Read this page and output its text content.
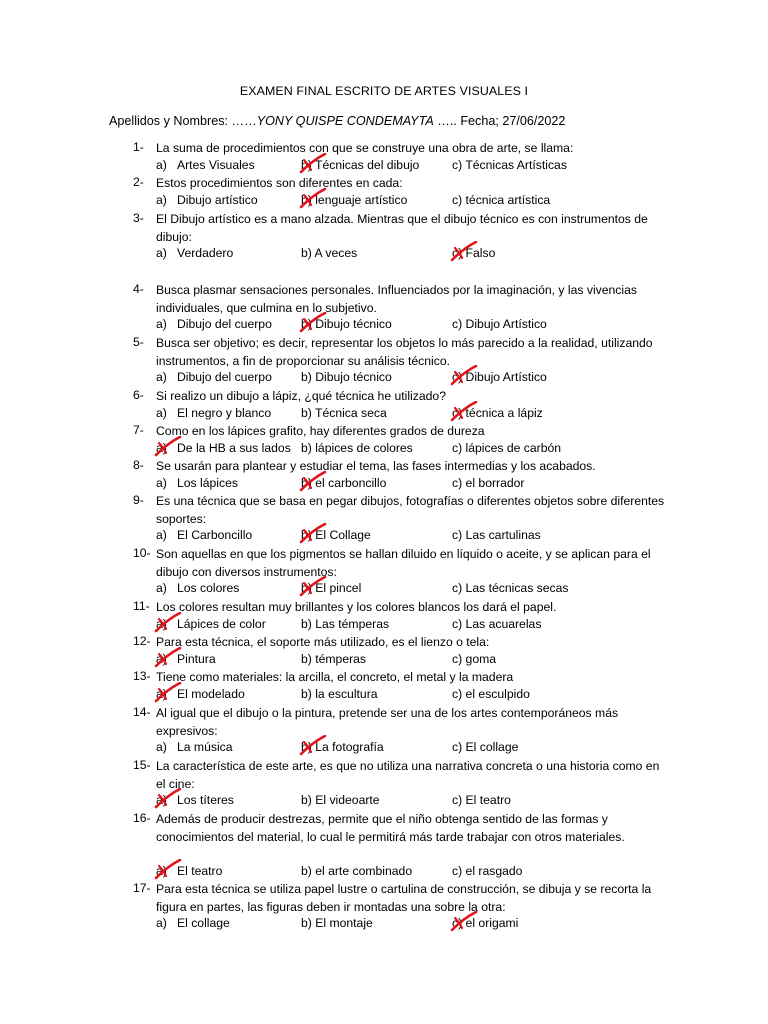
EXAMEN FINAL ESCRITO DE ARTES VISUALES I
Apellidos y Nombres: ……YONY QUISPE CONDEMAYTA ….. Fecha; 27/06/2022
1- La suma de procedimientos con que se construye una obra de arte, se llama:
a)   Artes Visuales	b) Técnicas del dibujo	c) Técnicas Artísticas
2- Estos procedimientos son diferentes en cada:
a)   Dibujo artístico	b) lenguaje artístico	c) técnica artística
3- El Dibujo artístico es a mano alzada. Mientras que el dibujo técnico es con instrumentos de dibujo:
a)   Verdadero	b) A veces	c) Falso
4- Busca plasmar sensaciones personales. Influenciados por la imaginación, y las vivencias individuales, que culmina en lo subjetivo.
a)   Dibujo del cuerpo b) Dibujo técnico	c) Dibujo Artístico
5- Busca ser objetivo; es decir, representar los objetos lo más parecido a la realidad, utilizando instrumentos, a fin de proporcionar su análisis técnico.
a)   Dibujo del cuerpo b) Dibujo técnico	c) Dibujo Artístico
6- Si realizo un dibujo a lápiz, ¿qué técnica he utilizado?
a)   El negro y blanco b) Técnica seca	c) técnica a lápiz
7- Como en los lápices grafito, hay diferentes grados de dureza
a)   De la HB a sus lados b) lápices de colores	c) lápices de carbón
8- Se usarán para plantear y estudiar el tema, las fases intermedias y los acabados.
a)   Los lápices	b) el carboncillo	c) el borrador
9- Es una técnica que se basa en pegar dibujos, fotografías o diferentes objetos sobre diferentes soportes:
a)   El Carboncillo	b) El Collage	c) Las cartulinas
10- Son aquellas en que los pigmentos se hallan diluido en líquido o aceite, y se aplican para el dibujo con diversos instrumentos:
a)   Los colores	b) El pincel	c) Las técnicas secas
11- Los colores resultan muy brillantes y los colores blancos los dará el papel.
a)   Lápices de color	b) Las témperas	c) Las acuarelas
12- Para esta técnica, el soporte más utilizado, es el lienzo o tela:
a)   Pintura	b) témperas	c) goma
13- Tiene como materiales: la arcilla, el concreto, el metal y la madera
a)   El modelado	b) la escultura	c) el esculpido
14- Al igual que el dibujo o la pintura, pretende ser una de los artes contemporáneos más expresivos:
a)   La música	b) La fotografía	c) El collage
15- La característica de este arte, es que no utiliza una narrativa concreta o una historia como en el cine:
a)   Los títeres	b) El videoarte	c) El teatro
16- Además de producir destrezas, permite que el niño obtenga sentido de las formas y conocimientos del material, lo cual le permitirá más tarde trabajar con otros materiales.
a)   El teatro	b) el arte combinado	c) el rasgado
17- Para esta técnica se utiliza papel lustre o cartulina de construcción, se dibuja y se recorta la figura en partes, las figuras deben ir montadas una sobre la otra:
a)   El collage	b) El montaje	c) el origami
